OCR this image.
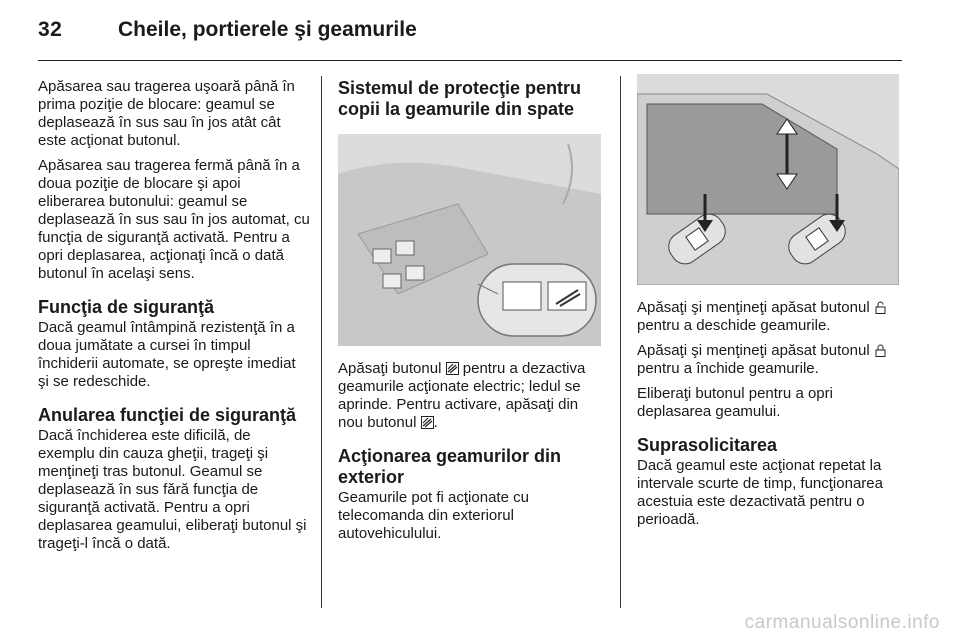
32	Cheile, portierele şi geamurile

Apăsarea sau tragerea uşoară până în prima poziţie de blocare: geamul se deplasează în sus sau în jos atât cât este acţionat butonul.

Apăsarea sau tragerea fermă până în a doua poziţie de blocare şi apoi eliberarea butonului: geamul se deplasează în sus sau în jos automat, cu funcţia de siguranţă activată. Pentru a opri deplasarea, acţionaţi încă o dată butonul în acelaşi sens.

Funcţia de siguranţă

Dacă geamul întâmpină rezistenţă în a doua jumătate a cursei în timpul închiderii automate, se opreşte imediat şi se redeschide.

Anularea funcţiei de siguranţă

Dacă închiderea este dificilă, de exemplu din cauza gheţii, trageţi şi menţineţi tras butonul. Geamul se deplasează în sus fără funcţia de siguranţă activată. Pentru a opri deplasarea geamului, eliberaţi butonul şi trageţi-l încă o dată.

Sistemul de protecţie pentru copii la geamurile din spate

Apăsaţi butonul pentru a dezactiva geamurile acţionate electric; ledul se aprinde. Pentru activare, apăsaţi din nou butonul .

Acţionarea geamurilor din exterior

Geamurile pot fi acţionate cu telecomanda din exteriorul autovehiculului.

Apăsaţi şi menţineţi apăsat butonul  pentru a deschide geamurile.

Apăsaţi şi menţineţi apăsat butonul  pentru a închide geamurile.

Eliberaţi butonul pentru a opri deplasarea geamului.

Suprasolicitarea

Dacă geamul este acţionat repetat la intervale scurte de timp, funcţionarea acestuia este dezactivată pentru o perioadă.

carmanualsonline.info
